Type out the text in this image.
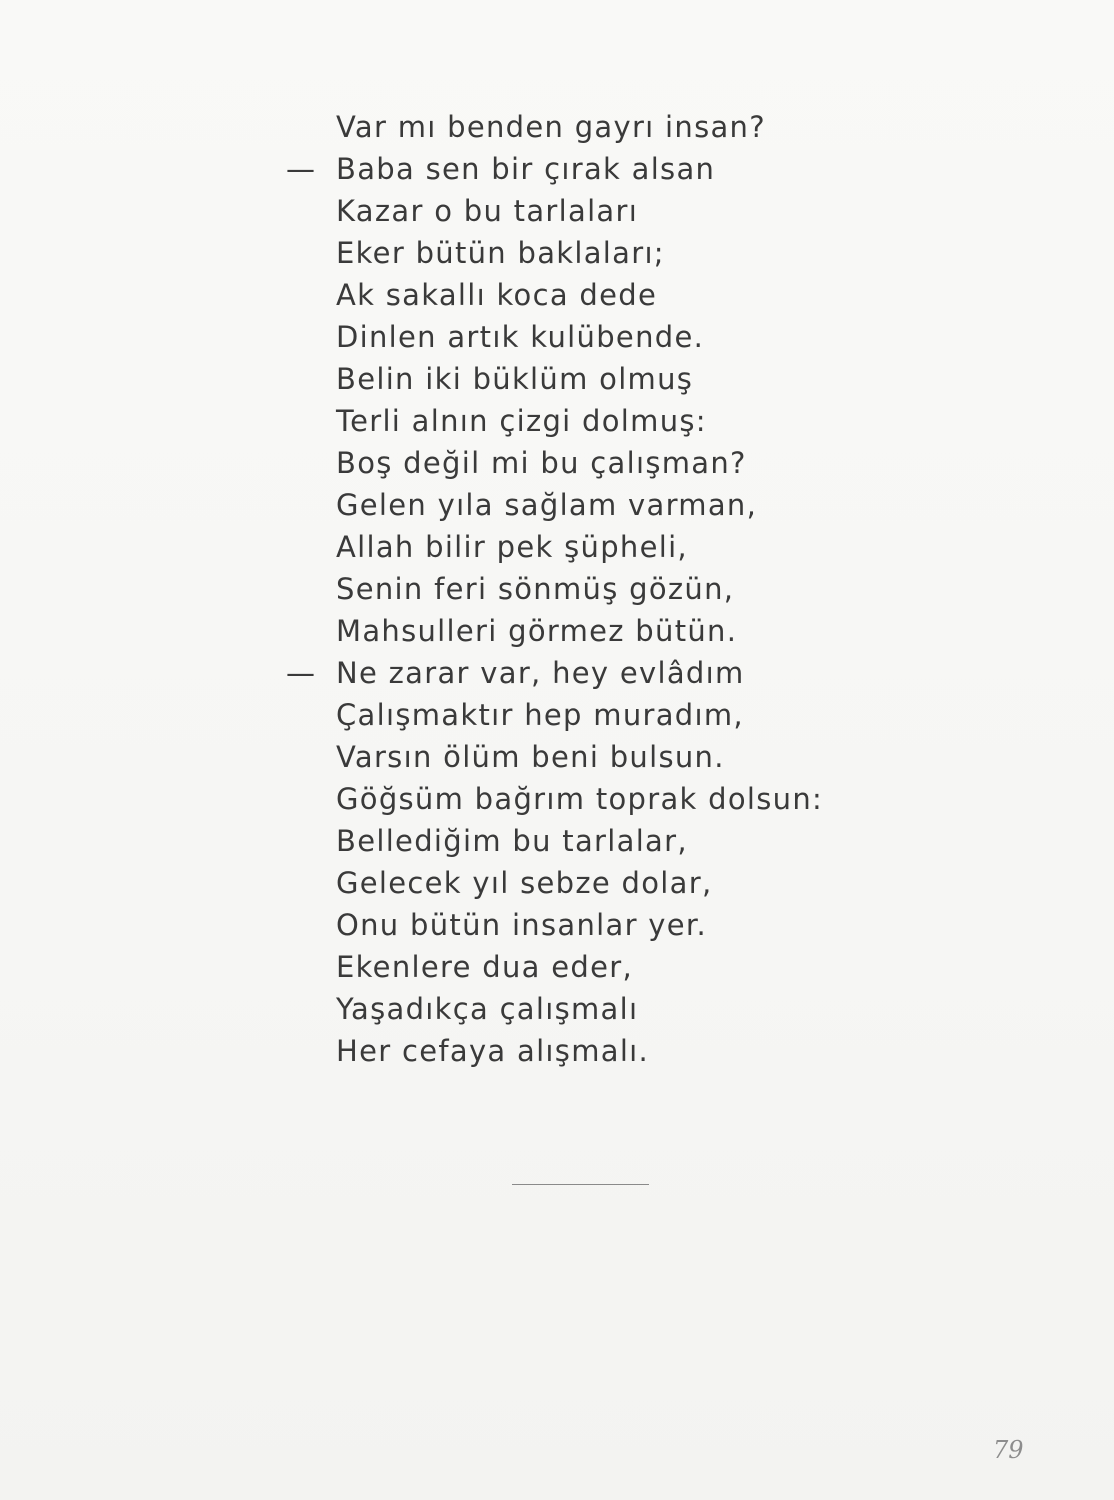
Var mı benden gayrı insan?
— Baba sen bir çırak alsan
Kazar o bu tarlaları
Eker bütün baklaları;
Ak sakallı koca dede
Dinlen artık kulübende.
Belin iki büklüm olmuş
Terli alnın çizgi dolmuş:
Boş değil mi bu çalışman?
Gelen yıla sağlam varman,
Allah bilir pek şüpheli,
Senin feri sönmüş gözün,
Mahsulleri görmez bütün.
— Ne zarar var, hey evlâdım
Çalışmaktır hep muradım,
Varsın ölüm beni bulsun.
Göğsüm bağrım toprak dolsun:
Bellediğim bu tarlalar,
Gelecek yıl sebze dolar,
Onu bütün insanlar yer.
Ekenlere dua eder,
Yaşadıkça çalışmalı
Her cefaya alışmalı.
79
